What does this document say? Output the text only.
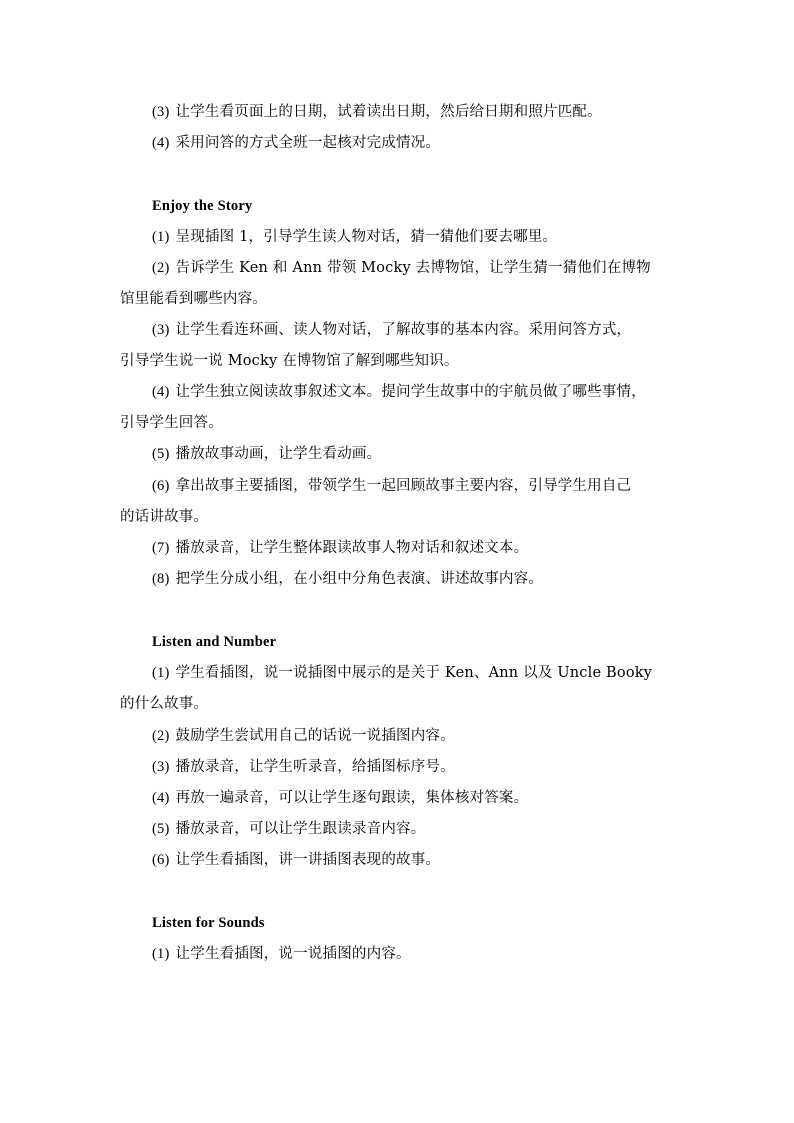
(3) 让学生看页面上的日期，试着读出日期，然后给日期和照片匹配。
(4) 采用问答的方式全班一起核对完成情况。
Enjoy the Story
(1) 呈现插图 1，引导学生读人物对话，猜一猜他们要去哪里。
(2) 告诉学生 Ken 和 Ann 带领 Mocky 去博物馆，让学生猜一猜他们在博物
馆里能看到哪些内容。
(3) 让学生看连环画、读人物对话，了解故事的基本内容。采用问答方式，
引导学生说一说 Mocky 在博物馆了解到哪些知识。
(4) 让学生独立阅读故事叙述文本。提问学生故事中的宇航员做了哪些事情，
引导学生回答。
(5) 播放故事动画，让学生看动画。
(6) 拿出故事主要插图，带领学生一起回顾故事主要内容，引导学生用自己
的话讲故事。
(7) 播放录音，让学生整体跟读故事人物对话和叙述文本。
(8) 把学生分成小组，在小组中分角色表演、讲述故事内容。
Listen and Number
(1) 学生看插图，说一说插图中展示的是关于 Ken、Ann 以及 Uncle Booky
的什么故事。
(2) 鼓励学生尝试用自己的话说一说插图内容。
(3) 播放录音，让学生听录音，给插图标序号。
(4) 再放一遍录音，可以让学生逐句跟读，集体核对答案。
(5) 播放录音，可以让学生跟读录音内容。
(6) 让学生看插图，讲一讲插图表现的故事。
Listen for Sounds
(1) 让学生看插图，说一说插图的内容。
